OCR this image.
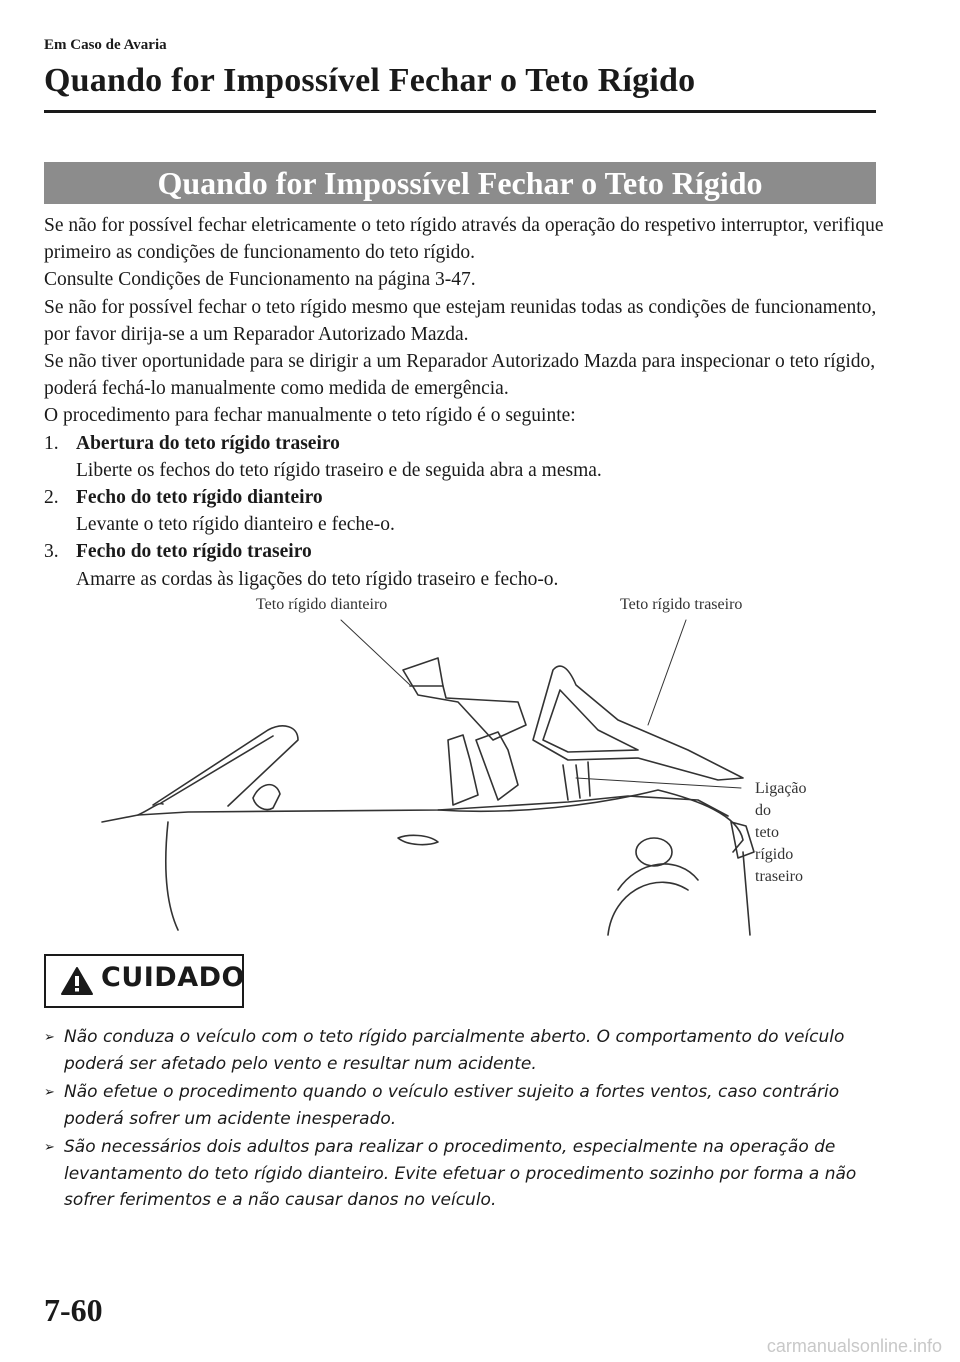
Em Caso de Avaria
Quando for Impossível Fechar o Teto Rígido
Quando for Impossível Fechar o Teto Rígido

Se não for possível fechar eletricamente o teto rígido através da operação do respetivo interruptor, verifique primeiro as condições de funcionamento do teto rígido.

Consulte Condições de Funcionamento na página 3-47.

Se não for possível fechar o teto rígido mesmo que estejam reunidas todas as condições de funcionamento, por favor dirija-se a um Reparador Autorizado Mazda.

Se não tiver oportunidade para se dirigir a um Reparador Autorizado Mazda para inspecionar o teto rígido, poderá fechá-lo manualmente como medida de emergência.

O procedimento para fechar manualmente o teto rígido é o seguinte:

1. Abertura do teto rígido traseiro
Liberte os fechos do teto rígido traseiro e de seguida abra a mesma.
2. Fecho do teto rígido dianteiro
Levante o teto rígido dianteiro e feche-o.
3. Fecho do teto rígido traseiro
Amarre as cordas às ligações do teto rígido traseiro e fecho-o.
Teto rígido dianteiro	Teto rígido traseiro
Ligação do
teto rígido
traseiro
CUIDADO
➢ Não conduza o veículo com o teto rígido parcialmente aberto. O comportamento do veículo poderá ser afetado pelo vento e resultar num acidente.
➢ Não efetue o procedimento quando o veículo estiver sujeito a fortes ventos, caso contrário poderá sofrer um acidente inesperado.
➢ São necessários dois adultos para realizar o procedimento, especialmente na operação de levantamento do teto rígido dianteiro. Evite efetuar o procedimento sozinho por forma a não sofrer ferimentos e a não causar danos no veículo.
7-60
carmanualsonline.info
